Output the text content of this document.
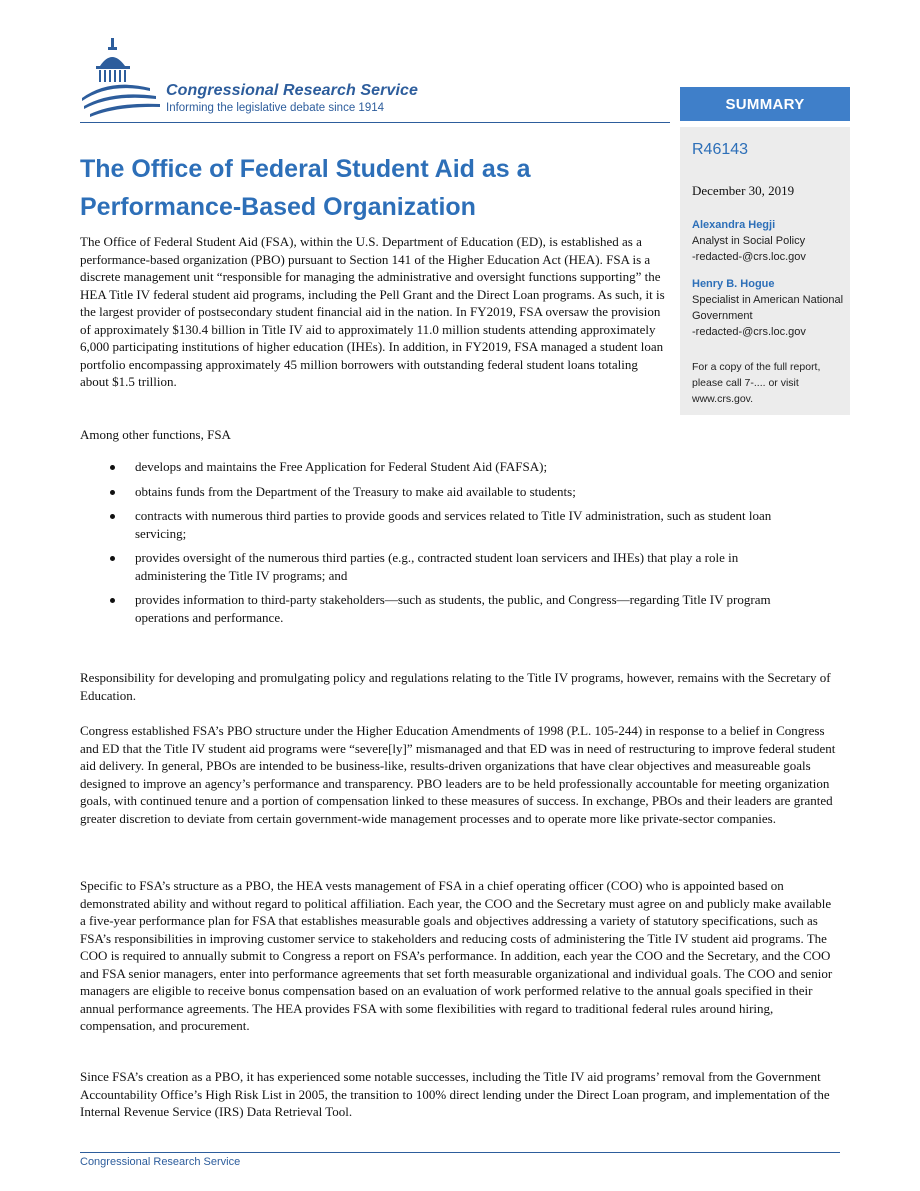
Congressional Research Service

Informing the legislative debate since 1914	SUMMARY
R46143
December 30, 2019
Alexandra Hegji
Analyst in Social Policy
-redacted-@crs.loc.gov
Henry B. Hogue
Specialist in American National Government
-redacted-@crs.loc.gov
For a copy of the full report, please call 7-.... or visit www.crs.gov.
The Office of Federal Student Aid as a Performance-Based Organization

The Office of Federal Student Aid (FSA), within the U.S. Department of Education (ED), is established as a performance-based organization (PBO) pursuant to Section 141 of the Higher Education Act (HEA). FSA is a discrete management unit “responsible for managing the administrative and oversight functions supporting” the HEA Title IV federal student aid programs, including the Pell Grant and the Direct Loan programs. As such, it is the largest provider of postsecondary student financial aid in the nation. In FY2019, FSA oversaw the provision of approximately $130.4 billion in Title IV aid to approximately 11.0 million students attending approximately 6,000 participating institutions of higher education (IHEs). In addition, in FY2019, FSA managed a student loan portfolio encompassing approximately 45 million borrowers with outstanding federal student loans totaling about $1.5 trillion.

Among other functions, FSA

develops and maintains the Free Application for Federal Student Aid (FAFSA);
obtains funds from the Department of the Treasury to make aid available to students;
contracts with numerous third parties to provide goods and services related to Title IV administration, such as student loan servicing;
provides oversight of the numerous third parties (e.g., contracted student loan servicers and IHEs) that play a role in administering the Title IV programs; and
provides information to third-party stakeholders—such as students, the public, and Congress—regarding Title IV program operations and performance.

Responsibility for developing and promulgating policy and regulations relating to the Title IV programs, however, remains with the Secretary of Education.

Congress established FSA’s PBO structure under the Higher Education Amendments of 1998 (P.L. 105-244) in response to a belief in Congress and ED that the Title IV student aid programs were “severe[ly]” mismanaged and that ED was in need of restructuring to improve federal student aid delivery. In general, PBOs are intended to be business-like, results-driven organizations that have clear objectives and measureable goals designed to improve an agency’s performance and transparency. PBO leaders are to be held professionally accountable for meeting organization goals, with continued tenure and a portion of compensation linked to these measures of success. In exchange, PBOs and their leaders are granted greater discretion to deviate from certain government-wide management processes and to operate more like private-sector companies.

Specific to FSA’s structure as a PBO, the HEA vests management of FSA in a chief operating officer (COO) who is appointed based on demonstrated ability and without regard to political affiliation. Each year, the COO and the Secretary must agree on and publicly make available a five-year performance plan for FSA that establishes measurable goals and objectives addressing a variety of statutory specifications, such as FSA’s responsibilities in improving customer service to stakeholders and reducing costs of administering the Title IV student aid programs. The COO is required to annually submit to Congress a report on FSA’s performance. In addition, each year the COO and the Secretary, and the COO and FSA senior managers, enter into performance agreements that set forth measurable organizational and individual goals. The COO and senior managers are eligible to receive bonus compensation based on an evaluation of work performed relative to the annual goals specified in their annual performance agreements. The HEA provides FSA with some flexibilities with regard to traditional federal rules around hiring, compensation, and procurement.

Since FSA’s creation as a PBO, it has experienced some notable successes, including the Title IV aid programs’ removal from the Government Accountability Office’s High Risk List in 2005, the transition to 100% direct lending under the Direct Loan program, and implementation of the Internal Revenue Service (IRS) Data Retrieval Tool.

Congressional Research Service
